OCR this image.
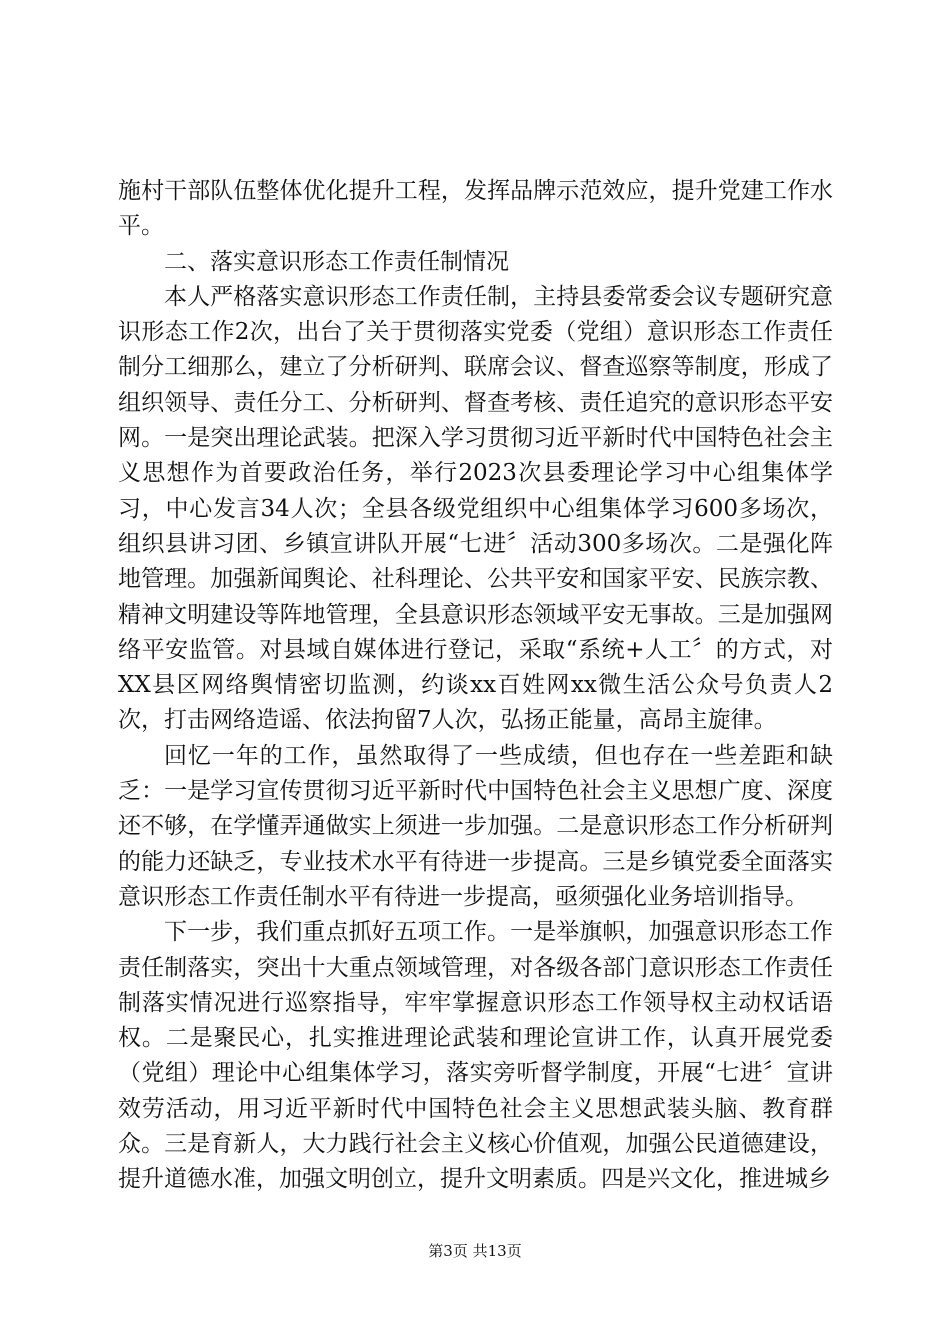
施村干部队伍整体优化提升工程，发挥品牌示范效应，提升党建工作水平。

二、落实意识形态工作责任制情况

本人严格落实意识形态工作责任制，主持县委常委会议专题研究意识形态工作2次，出台了关于贯彻落实党委（党组）意识形态工作责任制分工细那么，建立了分析研判、联席会议、督查巡察等制度，形成了组织领导、责任分工、分析研判、督查考核、责任追究的意识形态平安网。一是突出理论武装。把深入学习贯彻习近平新时代中国特色社会主义思想作为首要政治任务，举行2023次县委理论学习中心组集体学习，中心发言34人次；全县各级党组织中心组集体学习600多场次，组织县讲习团、乡镇宣讲队开展“七进〞活动300多场次。二是强化阵地管理。加强新闻舆论、社科理论、公共平安和国家平安、民族宗教、精神文明建设等阵地管理，全县意识形态领域平安无事故。三是加强网络平安监管。对县域自媒体进行登记，采取“系统+人工〞的方式，对XX县区网络舆情密切监测，约谈xx百姓网xx微生活公众号负责人2次，打击网络造谣、依法拘留7人次，弘扬正能量，高昂主旋律。

回忆一年的工作，虽然取得了一些成绩，但也存在一些差距和缺乏：一是学习宣传贯彻习近平新时代中国特色社会主义思想广度、深度还不够，在学懂弄通做实上须进一步加强。二是意识形态工作分析研判的能力还缺乏，专业技术水平有待进一步提高。三是乡镇党委全面落实意识形态工作责任制水平有待进一步提高，亟须强化业务培训指导。

下一步，我们重点抓好五项工作。一是举旗帜，加强意识形态工作责任制落实，突出十大重点领域管理，对各级各部门意识形态工作责任制落实情况进行巡察指导，牢牢掌握意识形态工作领导权主动权话语权。二是聚民心，扎实推进理论武装和理论宣讲工作，认真开展党委（党组）理论中心组集体学习，落实旁听督学制度，开展“七进〞宣讲效劳活动，用习近平新时代中国特色社会主义思想武装头脑、教育群众。三是育新人，大力践行社会主义核心价值观，加强公民道德建设，提升道德水准，加强文明创立，提升文明素质。四是兴文化，推进城乡

第3页 共13页
